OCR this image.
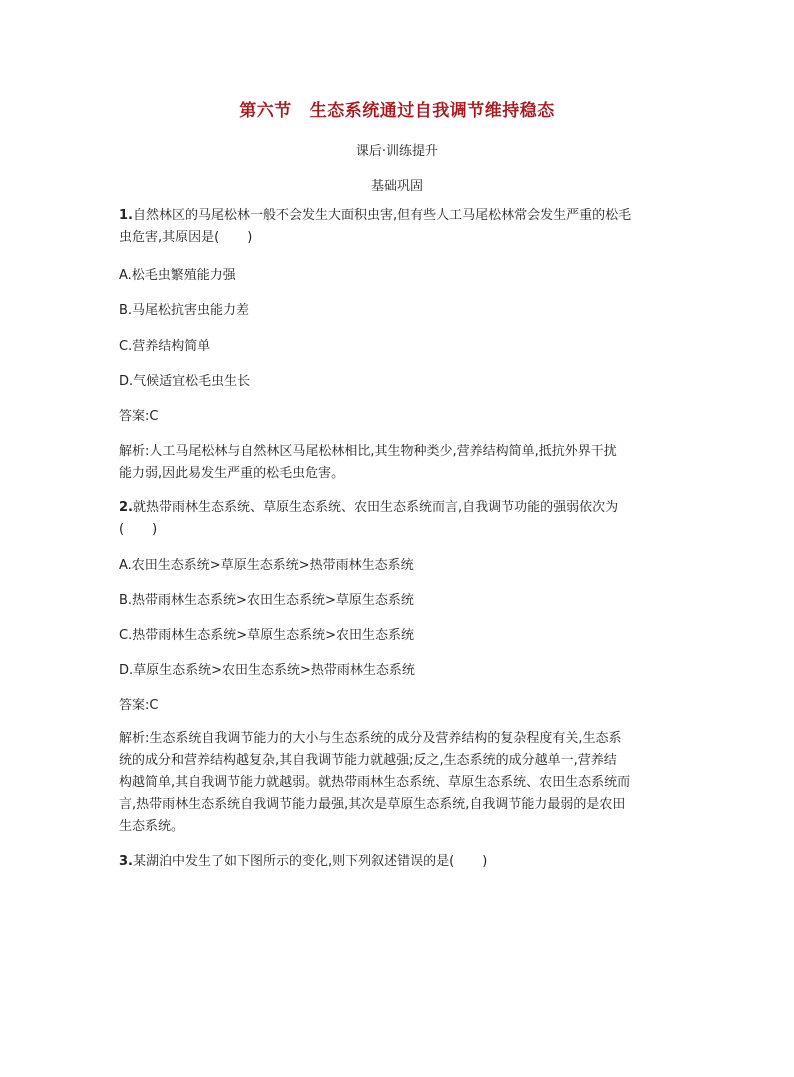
第六节 生态系统通过自我调节维持稳态
课后·训练提升
基础巩固
1.自然林区的马尾松林一般不会发生大面积虫害,但有些人工马尾松林常会发生严重的松毛
虫危害,其原因是( )
A.松毛虫繁殖能力强
B.马尾松抗害虫能力差
C.营养结构简单
D.气候适宜松毛虫生长
答案:C
解析:人工马尾松林与自然林区马尾松林相比,其生物种类少,营养结构简单,抵抗外界干扰
能力弱,因此易发生严重的松毛虫危害。
2.就热带雨林生态系统、草原生态系统、农田生态系统而言,自我调节功能的强弱依次为
( )
A.农田生态系统>草原生态系统>热带雨林生态系统
B.热带雨林生态系统>农田生态系统>草原生态系统
C.热带雨林生态系统>草原生态系统>农田生态系统
D.草原生态系统>农田生态系统>热带雨林生态系统
答案:C
解析:生态系统自我调节能力的大小与生态系统的成分及营养结构的复杂程度有关,生态系
统的成分和营养结构越复杂,其自我调节能力就越强;反之,生态系统的成分越单一,营养结
构越简单,其自我调节能力就越弱。就热带雨林生态系统、草原生态系统、农田生态系统而
言,热带雨林生态系统自我调节能力最强,其次是草原生态系统,自我调节能力最弱的是农田
生态系统。
3.某湖泊中发生了如下图所示的变化,则下列叙述错误的是( )
